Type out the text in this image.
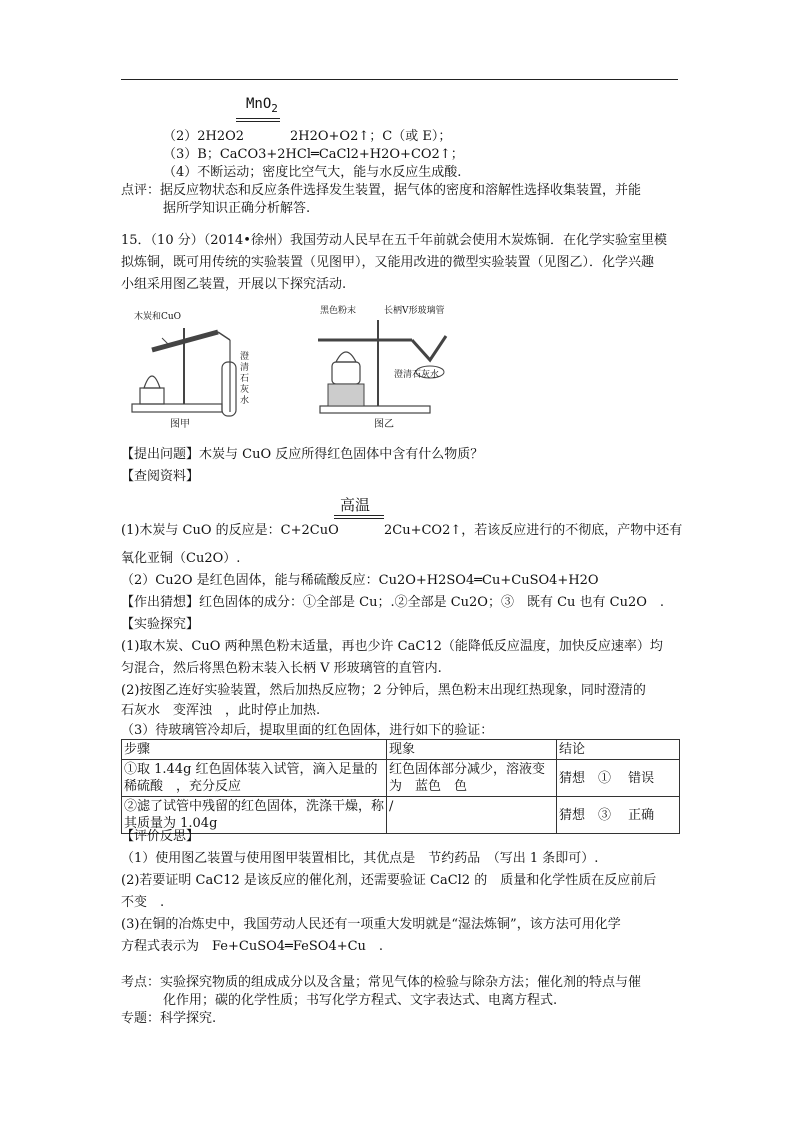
MnO$_2$
（2）2H2O2	2H2O+O2↑；C（或 E）；
（3）B；CaCO3+2HCl═CaCl2+H2O+CO2↑；
（4）不断运动；密度比空气大，能与水反应生成酸.
点评：据反应物状态和反应条件选择发生装置，据气体的密度和溶解性选择收集装置，并能
据所学知识正确分析解答.
15．（10 分）（2014•徐州）我国劳动人民早在五千年前就会使用木炭炼铜．在化学实验室里模
拟炼铜，既可用传统的实验装置（见图甲），又能用改进的微型实验装置（见图乙）．化学兴趣
小组采用图乙装置，开展以下探究活动.
木炭和CuO
澄清石灰水
图甲
黑色粉末	长柄V形玻璃管
澄清石灰水
图乙
【提出问题】木炭与 CuO 反应所得红色固体中含有什么物质？
【查阅资料】
高温
(1)木炭与 CuO 的反应是：C+2CuO	2Cu+CO2↑，若该反应进行的不彻底，产物中还有
氧化亚铜（Cu2O）.
（2）Cu2O 是红色固体，能与稀硫酸反应：Cu2O+H2SO4═Cu+CuSO4+H2O
【作出猜想】红色固体的成分：①全部是 Cu；.②全部是 Cu2O；③　既有 Cu 也有 Cu2O　.
【实验探究】
(1)取木炭、CuO 两种黑色粉末适量，再也少许 CaC12（能降低反应温度，加快反应速率）均
匀混合，然后将黑色粉末装入长柄 V 形玻璃管的直管内.
(2)按图乙连好实验装置，然后加热反应物；2 分钟后，黑色粉末出现红热现象，同时澄清的
石灰水　变浑浊　，此时停止加热.
（3）待玻璃管冷却后，提取里面的红色固体，进行如下的验证：
步骤	现象	结论
①取 1.44g 红色固体装入试管，滴入足量的稀硫酸　，充分反应	红色固体部分减少，溶液变为　蓝色　色	猜想　①　 错误
②滤了试管中残留的红色固体，洗涤干燥，称其质量为 1.04g	/	猜想　③　 正确
【评价反思】
（1）使用图乙装置与使用图甲装置相比，其优点是　节约药品　（写出 1 条即可）.
(2)若要证明 CaC12 是该反应的催化剂，还需要验证 CaCl2 的　质量和化学性质在反应前后
不变　.
(3)在铜的冶炼史中，我国劳动人民还有一项重大发明就是“湿法炼铜”，该方法可用化学
方程式表示为　Fe+CuSO4═FeSO4+Cu　.
考点：实验探究物质的组成成分以及含量；常见气体的检验与除杂方法；催化剂的特点与催
化作用；碳的化学性质；书写化学方程式、文字表达式、电离方程式.
专题：科学探究.
